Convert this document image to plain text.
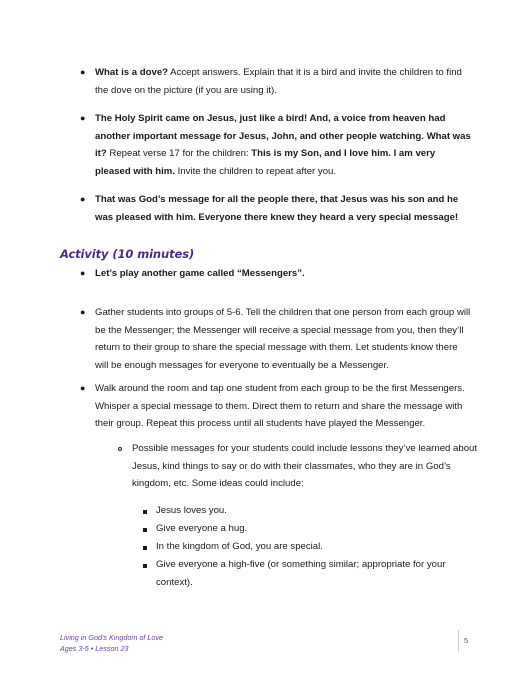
● What is a dove? Accept answers. Explain that it is a bird and invite the children to find
the dove on the picture (if you are using it).
● The Holy Spirit came on Jesus, just like a bird! And, a voice from heaven had
another important message for Jesus, John, and other people watching. What was
it? Repeat verse 17 for the children: This is my Son, and I love him. I am very
pleased with him. Invite the children to repeat after you.
● That was God’s message for all the people there, that Jesus was his son and he
was pleased with him. Everyone there knew they heard a very special message!
Activity (10 minutes)
● Let’s play another game called “Messengers”.
● Gather students into groups of 5-6. Tell the children that one person from each group will
be the Messenger; the Messenger will receive a special message from you, then they’ll
return to their group to share the special message with them. Let students know there
will be enough messages for everyone to eventually be a Messenger.
● Walk around the room and tap one student from each group to be the first Messengers.
Whisper a special message to them. Direct them to return and share the message with
their group. Repeat this process until all students have played the Messenger.
Possible messages for your students could include lessons they’ve learned about
Jesus, kind things to say or do with their classmates, who they are in God’s
kingdom, etc. Some ideas could include:
Jesus loves you.
Give everyone a hug.
In the kingdom of God, you are special.
Give everyone a high-five (or something similar; appropriate for your
context).
Living in God’s Kingdom of Love
Ages 3-5 • Lesson 23
5
